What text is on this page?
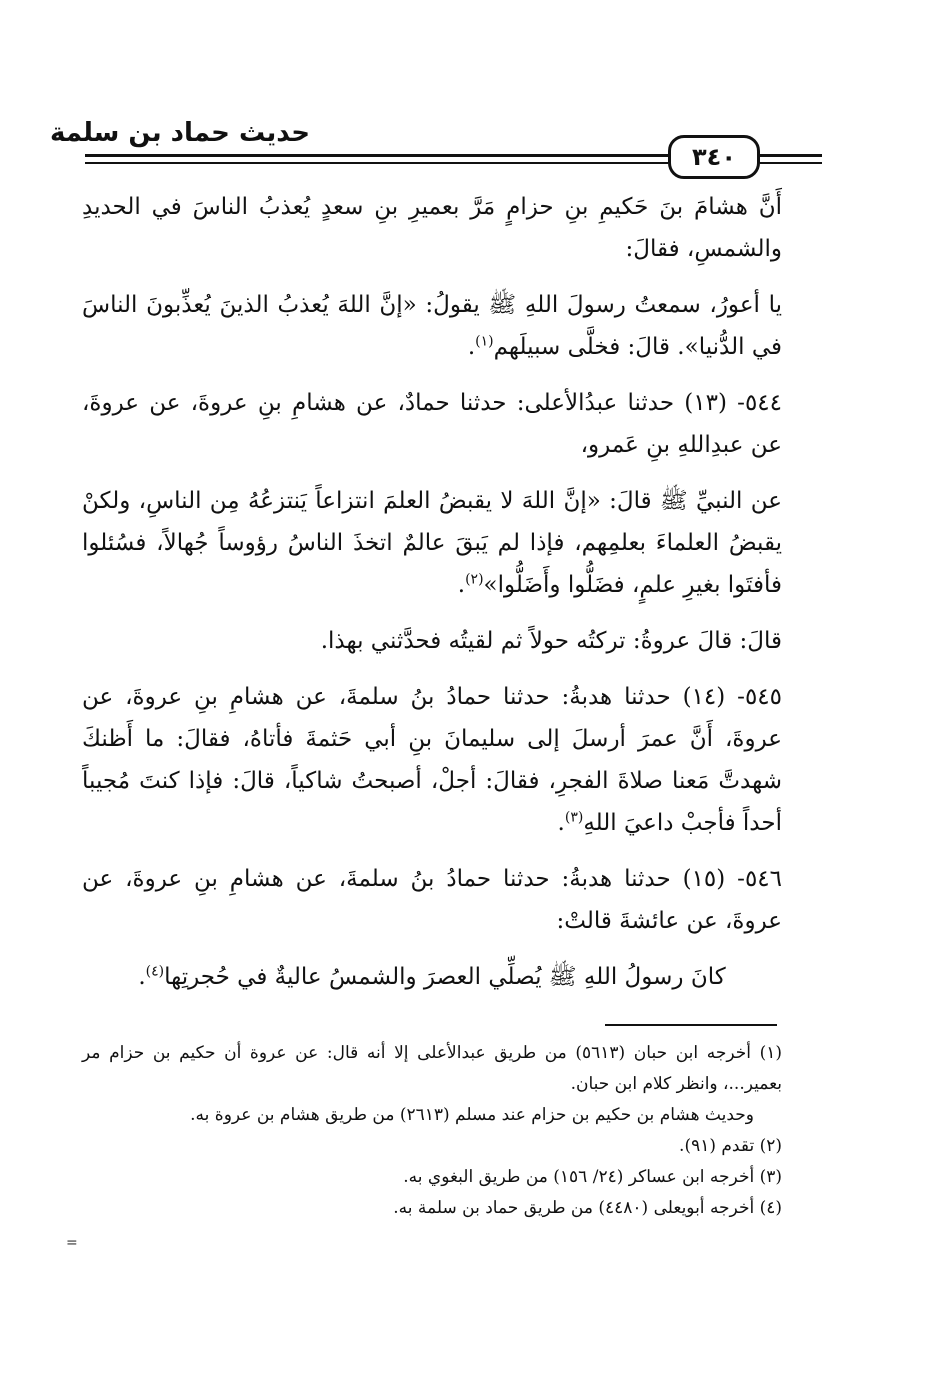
حديث حماد بن سلمة
٣٤٠

أَنَّ هشامَ بنَ حَكيمِ بنِ حزامٍ مَرَّ بعميرِ بنِ سعدٍ يُعذبُ الناسَ في الحديدِ والشمسِ، فقالَ:

يا أعورُ، سمعتُ رسولَ اللهِ ﷺ يقولُ: «إنَّ اللهَ يُعذبُ الذينَ يُعذِّبونَ الناسَ في الدُّنيا». قالَ: فخلَّى سبيلَهم$^{(١)}$.

٥٤٤- (١٣) حدثنا عبدُالأعلى: حدثنا حمادٌ، عن هشامِ بنِ عروةَ، عن عروةَ، عن عبدِاللهِ بنِ عَمرو،

عن النبيِّ ﷺ قالَ: «إنَّ اللهَ لا يقبضُ العلمَ انتزاعاً يَنتزعُهُ مِن الناسِ، ولكنْ يقبضُ العلماءَ بعلمِهم، فإذا لم يَبقَ عالمٌ اتخذَ الناسُ رؤوساً جُهالاً، فسُئلوا فأفتَوا بغيرِ علمٍ، فضَلُّوا وأَضَلُّوا»$^{(٢)}$.

قالَ: قالَ عروةُ: تركتُه حولاً ثم لقيتُه فحدَّثني بهذا.

٥٤٥- (١٤) حدثنا هدبةُ: حدثنا حمادُ بنُ سلمةَ، عن هشامِ بنِ عروةَ، عن عروةَ، أَنَّ عمرَ أرسلَ إلى سليمانَ بنِ أبي حَثمةَ فأتاهُ، فقالَ: ما أَظنكَ شهدتَّ مَعنا صلاةَ الفجرِ، فقالَ: أجلْ، أصبحتُ شاكياً، قالَ: فإذا كنتَ مُجيباً أحداً فأجبْ داعيَ اللهِ$^{(٣)}$.

٥٤٦- (١٥) حدثنا هدبةُ: حدثنا حمادُ بنُ سلمةَ، عن هشامِ بنِ عروةَ، عن عروةَ، عن عائشةَ قالتْ:

كانَ رسولُ اللهِ ﷺ يُصلِّي العصرَ والشمسُ عاليةٌ في حُجرتِها$^{(٤)}$.

(١) أخرجه ابن حبان (٥٦١٣) من طريق عبدالأعلى إلا أنه قال: عن عروة أن حكيم بن حزام مر بعمير...، وانظر كلام ابن حبان.

وحديث هشام بن حكيم بن حزام عند مسلم (٢٦١٣) من طريق هشام بن عروة به.

(٢) تقدم (٩١).

(٣) أخرجه ابن عساكر (٢٤/ ١٥٦) من طريق البغوي به.

(٤) أخرجه أبويعلى (٤٤٨٠) من طريق حماد بن سلمة به.

=
